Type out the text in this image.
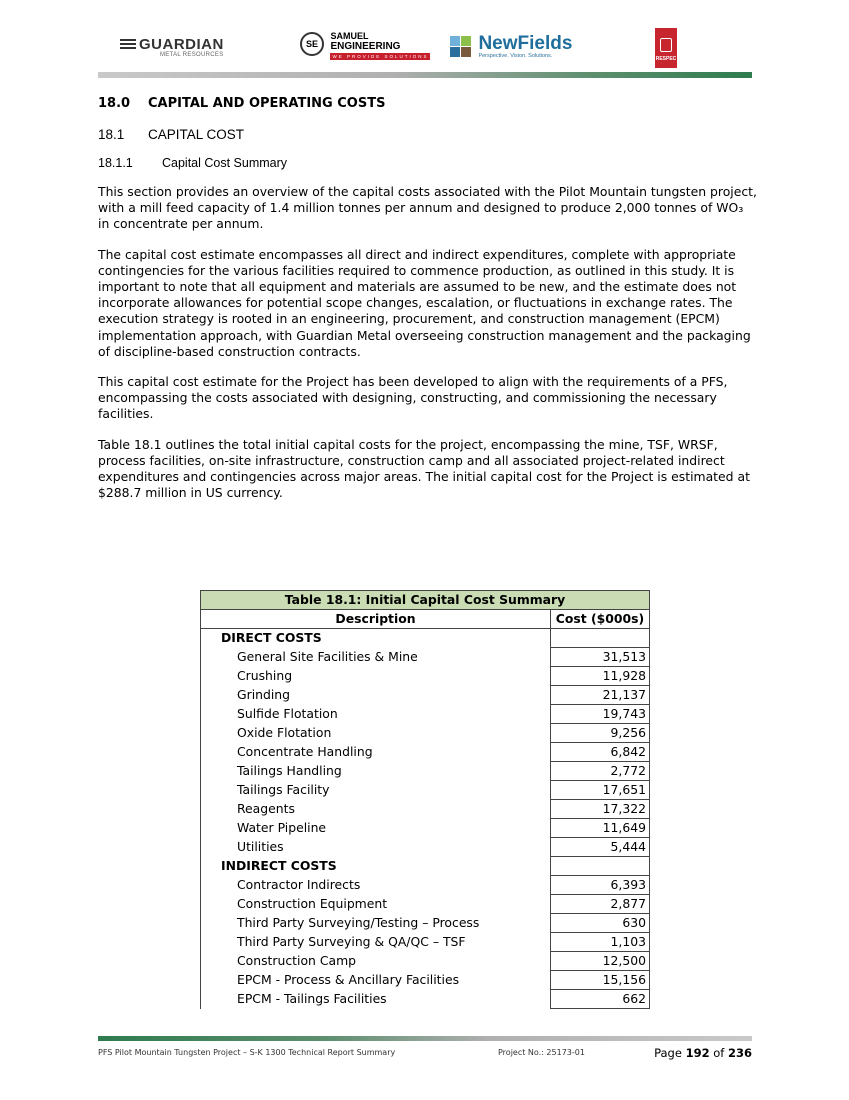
GUARDIAN
METAL RESOURCES
SE
SAMUEL
ENGINEERING
WE PROVIDE SOLUTIONS

NewFields
Perspective. Vision. Solutions.	RESPEC
18.0 CAPITAL AND OPERATING COSTS
18.1 CAPITAL COST
18.1.1 Capital Cost Summary

This section provides an overview of the capital costs associated with the Pilot Mountain tungsten project, with a mill feed capacity of 1.4 million tonnes per annum and designed to produce 2,000 tonnes of WO₃ in concentrate per annum.

The capital cost estimate encompasses all direct and indirect expenditures, complete with appropriate contingencies for the various facilities required to commence production, as outlined in this study. It is important to note that all equipment and materials are assumed to be new, and the estimate does not incorporate allowances for potential scope changes, escalation, or fluctuations in exchange rates. The execution strategy is rooted in an engineering, procurement, and construction management (EPCM) implementation approach, with Guardian Metal overseeing construction management and the packaging of discipline-based construction contracts.

This capital cost estimate for the Project has been developed to align with the requirements of a PFS, encompassing the costs associated with designing, constructing, and commissioning the necessary facilities.

Table 18.1 outlines the total initial capital costs for the project, encompassing the mine, TSF, WRSF, process facilities, on-site infrastructure, construction camp and all associated project-related indirect expenditures and contingencies across major areas. The initial capital cost for the Project is estimated at $288.7 million in US currency.

Table 18.1: Initial Capital Cost Summary	
Description	Cost ($000s)
DIRECT COSTS	
General Site Facilities & Mine	31,513
Crushing	11,928
Grinding	21,137
Sulfide Flotation	19,743
Oxide Flotation	9,256
Concentrate Handling	6,842
Tailings Handling	2,772
Tailings Facility	17,651
Reagents	17,322
Water Pipeline	11,649
Utilities	5,444
INDIRECT COSTS	
Contractor Indirects	6,393
Construction Equipment	2,877
Third Party Surveying/Testing – Process	630
Third Party Surveying & QA/QC – TSF	1,103
Construction Camp	12,500
EPCM - Process & Ancillary Facilities	15,156
EPCM - Tailings Facilities	662
PFS Pilot Mountain Tungsten Project – S-K 1300 Technical Report Summary	Project No.: 25173-01	Page 192 of 236
